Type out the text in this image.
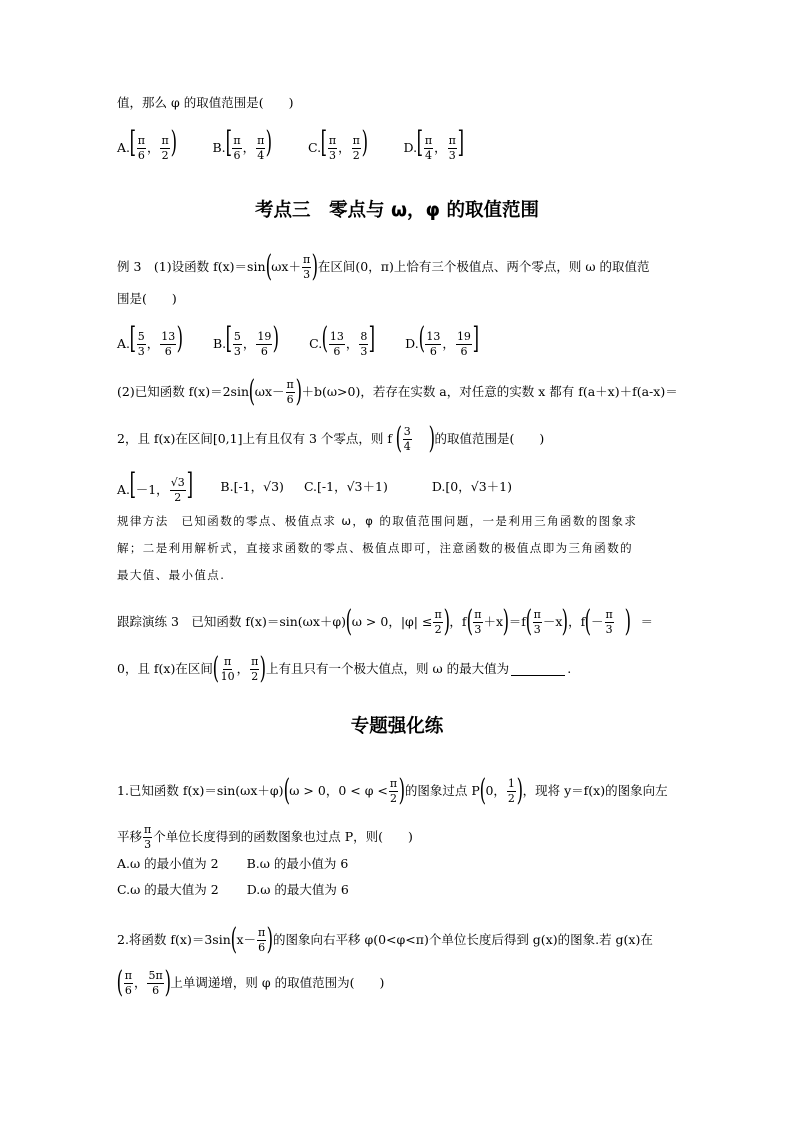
值，那么 φ 的取值范围是(　　)
$A.[ \frac{\pi}{6}$ ， $\frac{\pi}{2}$ )	$B.[ \frac{\pi}{6}$ ， $\frac{\pi}{4}$ )	$C.[ \frac{\pi}{3}$ ， $\frac{\pi}{2}$ )	$D.[ \frac{\pi}{4}$ ， $\frac{\pi}{3}$ ]
考点三　零点与 ω，φ 的取值范围
例 3　(1)设函数 f(x)＝sin ( $\omega x+ \frac{\pi}{3}$ ) 在区间(0，π)上恰有三个极值点、两个零点，则 ω 的取值范
围是(　　)
$A.[ \frac{5}{3}$ ， $\frac{13}{6}$ ) $B.[ \frac{5}{3}$ ， $\frac{19}{6}$ ) $C.( \frac{13}{6}$ ， $\frac{8}{3}$ ] $D.( \frac{13}{6}$ ， $\frac{19}{6}$ ]
(2)已知函数 f(x)＝2sin ( $\omega x- \frac{\pi}{6}$ ) ＋b(ω>0)，若存在实数 a，对任意的实数 x 都有 f(a＋x)＋f(a-x)＝
2，且 f(x)在区间[0,1]上有且仅有 3 个零点，则 f ( $\frac{3}{4}$ ) 的取值范围是(　　)
A.[－1， $\frac{√3}{2}$ ] B.[-1，√3) C.[-1，√3＋1)	D.[0，√3＋1)
规律方法　已知函数的零点、极值点求 ω，φ 的取值范围问题，一是利用三角函数的图象求
解；二是利用解析式，直接求函数的零点、极值点即可，注意函数的极值点即为三角函数的
最大值、最小值点.
跟踪演练 3　已知函数 f(x)＝sin(ωx＋φ) ( ω > 0，$|\varphi| \le \frac{\pi}{2}$ ) ，f ( $\frac{\pi}{3} +x$ ) ＝f ( $\frac{\pi}{3} -x$ ) ，f ( － $\frac{\pi}{3}$ ) ＝
0，且 f(x)在区间 ( $\frac{\pi}{10}$ ， $\frac{\pi}{2}$ ) 上有且只有一个极大值点，则 ω 的最大值为	.
专题强化练
1.已知函数 f(x)＝sin(ωx＋φ) ( ω > 0，$0 < \varphi < \frac{\pi}{2}$ ) 的图象过点 P ( 0， $\frac{1}{2}$ ) ，现将 y＝f(x)的图象向左
平移 $\frac{\pi}{3}$ 个单位长度得到的函数图象也过点 P，则(　　)
A.ω 的最小值为 2 B.ω 的最小值为 6
C.ω 的最大值为 2 D.ω 的最大值为 6
2.将函数 f(x)＝3sin ( $x- \frac{\pi}{6}$ ) 的图象向右平移 φ(0<φ<π)个单位长度后得到 g(x)的图象.若 g(x)在
( $\frac{\pi}{6}$ ， $\frac{5\pi}{6}$ ) 上单调递增，则 φ 的取值范围为(　　)
